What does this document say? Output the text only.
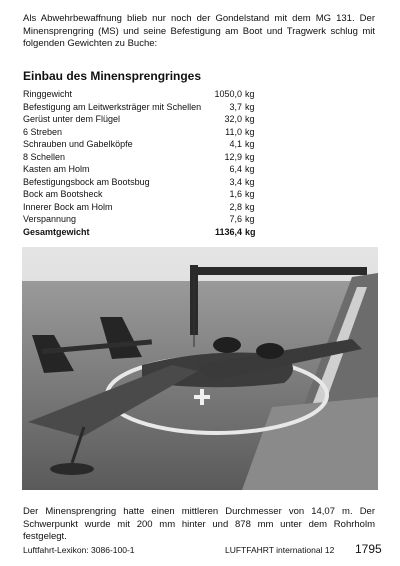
Als Abwehrbewaffnung blieb nur noch der Gondelstand mit dem MG 131. Der Minensprengring (MS) und seine Befestigung am Boot und Tragwerk schlug mit folgenden Gewichten zu Buche:
Einbau des Minensprengringes
Ringgewicht	1050,0	kg
Befestigung am Leitwerksträger mit Schellen	3,7	kg
Gerüst unter dem Flügel	32,0	kg
6 Streben	11,0	kg
Schrauben und Gabelköpfe	4,1	kg
8 Schellen	12,9	kg
Kasten am Holm	6,4	kg
Befestigungsbock am Bootsbug	3,4	kg
Bock am Bootsheck	1,6	kg
Innerer Bock am Holm	2,8	kg
Verspannung	7,6	kg
Gesamtgewicht	1136,4	kg
Der Minensprengring hatte einen mittleren Durchmesser von 14,07 m. Der Schwerpunkt wurde mit 200 mm hinter und 878 mm unter dem Rohrholm festgelegt.
Luftfahrt-Lexikon: 3086-100-1	LUFTFAHRT international 12 1795
